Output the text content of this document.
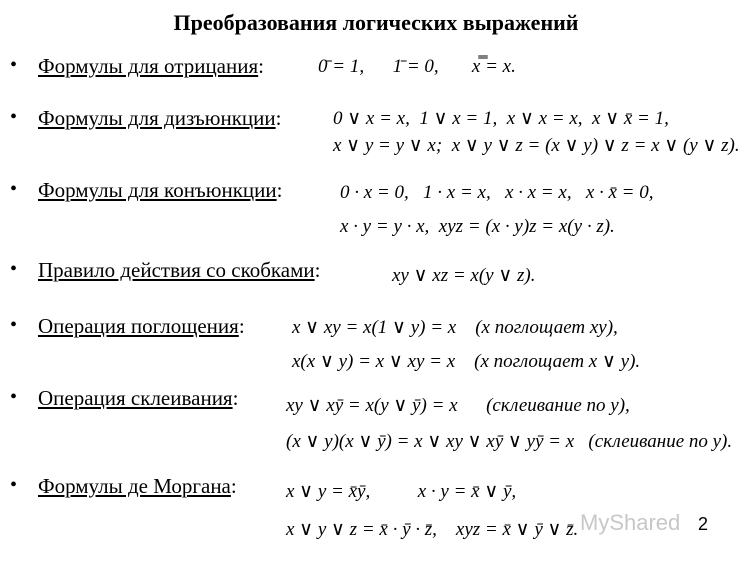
Преобразования логических выражений
• Формулы для отрицания:	0̄ = 1,      1̄ = 0,       x̿ = x.
• Формулы для дизъюнкции:	0 ∨ x = x,  1 ∨ x = 1,  x ∨ x = x,  x ∨ x̄ = 1,
x ∨ y = y ∨ x;  x ∨ y ∨ z = (x ∨ y) ∨ z = x ∨ (y ∨ z).
• Формулы для конъюнкции:	0 · x = 0,   1 · x = x,   x · x = x,   x · x̄ = 0,
x · y = y · x,  xyz = (x · y)z = x(y · z).
• Правило действия со скобками:	xy ∨ xz = x(y ∨ z).
• Операция поглощения: x ∨ xy = x(1 ∨ y) = x    (x поглощает xy),
x(x ∨ y) = x ∨ xy = x    (x поглощает x ∨ y).
• Операция склеивания:	xy ∨ xȳ = x(y ∨ ȳ) = x      (склеивание по y),
(x ∨ y)(x ∨ ȳ) = x ∨ xy ∨ xȳ ∨ yȳ = x   (склеивание по y).
• Формулы де Моргана:	x ∨ y = x̄ȳ,          x · y = x̄ ∨ ȳ,
x ∨ y ∨ z = x̄ · ȳ · z̄,    xyz = x̄ ∨ ȳ ∨ z̄. MyShared 2
